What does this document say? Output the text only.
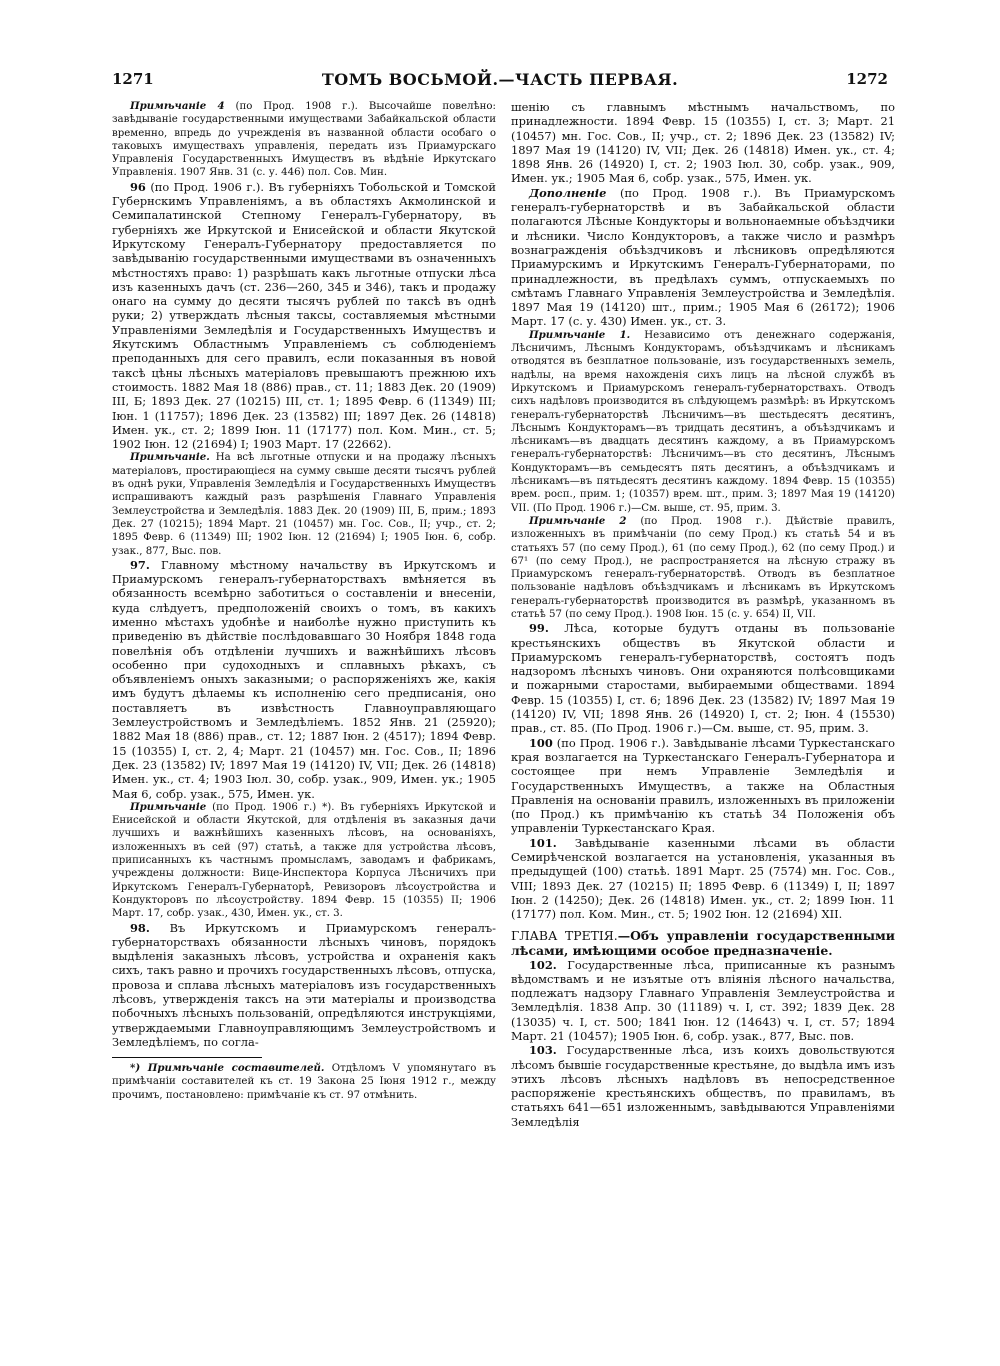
1271	ТОМЪ ВОСЬМОЙ.—ЧАСТЬ ПЕРВАЯ.	1272

Примѣчаніе 4 (по Прод. 1908 г.). Высочайше повелѣно: завѣдываніе государственными имуществами Забайкальской области временно, впредь до учрежденія въ названной области особаго о таковыхъ имуществахъ управленія, передать изъ Приамурскаго Управленія Государственныхъ Имуществъ въ вѣдѣніе Иркутскаго Управленія. 1907 Янв. 31 (с. у. 446) пол. Сов. Мин.

96 (по Прод. 1906 г.). Въ губерніяхъ Тобольской и Томской Губернскимъ Управленіямъ, а въ областяхъ Акмолинской и Семипалатинской Степному Генералъ-Губернатору, въ губерніяхъ же Иркутской и Енисейской и области Якутской Иркутскому Генералъ-Губернатору предоставляется по завѣдыванію государственными имуществами въ означенныхъ мѣстностяхъ право: 1) разрѣшать какъ льготные отпуски лѣса изъ казенныхъ дачъ (ст. 236—260, 345 и 346), такъ и продажу онаго на сумму до десяти тысячъ рублей по таксѣ въ однѣ руки; 2) утверждать лѣсныя таксы, составляемыя мѣстными Управленіями Земледѣлія и Государственныхъ Имуществъ и Якутскимъ Областнымъ Управленіемъ съ соблюденіемъ преподанныхъ для сего правилъ, если показанныя въ новой таксѣ цѣны лѣсныхъ матеріаловъ превышаютъ прежнюю ихъ стоимость. 1882 Мая 18 (886) прав., ст. 11; 1883 Дек. 20 (1909) III, Б; 1893 Дек. 27 (10215) III, ст. 1; 1895 Февр. 6 (11349) III; Іюн. 1 (11757); 1896 Дек. 23 (13582) III; 1897 Дек. 26 (14818) Имен. ук., ст. 2; 1899 Іюн. 11 (17177) пол. Ком. Мин., ст. 5; 1902 Іюн. 12 (21694) I; 1903 Март. 17 (22662).

Примѣчаніе. На всѣ льготные отпуски и на продажу лѣсныхъ матеріаловъ, простирающіеся на сумму свыше десяти тысячъ рублей въ однѣ руки, Управленія Земледѣлія и Государственныхъ Имуществъ испрашиваютъ каждый разъ разрѣшенія Главнаго Управленія Землеустройства и Земледѣлія. 1883 Дек. 20 (1909) III, Б, прим.; 1893 Дек. 27 (10215); 1894 Март. 21 (10457) мн. Гос. Сов., II; учр., ст. 2; 1895 Февр. 6 (11349) III; 1902 Іюн. 12 (21694) I; 1905 Іюн. 6, собр. узак., 877, Выс. пов.

97. Главному мѣстному начальству въ Иркутскомъ и Приамурскомъ генералъ-губернаторствахъ вмѣняется въ обязанность всемѣрно заботиться о составленіи и внесеніи, куда слѣдуетъ, предположеній своихъ о томъ, въ какихъ именно мѣстахъ удобнѣе и наиболѣе нужно приступить къ приведенію въ дѣйствіе послѣдовавшаго 30 Ноября 1848 года повелѣнія объ отдѣленіи лучшихъ и важнѣйшихъ лѣсовъ особенно при судоходныхъ и сплавныхъ рѣкахъ, съ объявленіемъ оныхъ заказными; о распоряженіяхъ же, какія имъ будутъ дѣлаемы къ исполненію сего предписанія, оно поставляетъ въ извѣстность Главноуправляющаго Землеустройствомъ и Земледѣліемъ. 1852 Янв. 21 (25920); 1882 Мая 18 (886) прав., ст. 12; 1887 Іюн. 2 (4517); 1894 Февр. 15 (10355) I, ст. 2, 4; Март. 21 (10457) мн. Гос. Сов., II; 1896 Дек. 23 (13582) IV; 1897 Мая 19 (14120) IV, VII; Дек. 26 (14818) Имен. ук., ст. 4; 1903 Іюл. 30, собр. узак., 909, Имен. ук.; 1905 Мая 6, собр. узак., 575, Имен. ук.

Примѣчаніе (по Прод. 1906 г.) *). Въ губерніяхъ Иркутской и Енисейской и области Якутской, для отдѣленія въ заказныя дачи лучшихъ и важнѣйшихъ казенныхъ лѣсовъ, на основаніяхъ, изложенныхъ въ сей (97) статьѣ, а также для устройства лѣсовъ, приписанныхъ къ частнымъ промысламъ, заводамъ и фабрикамъ, учреждены должности: Вице-Инспектора Корпуса Лѣсничихъ при Иркутскомъ Генералъ-Губернаторѣ, Ревизоровъ лѣсоустройства и Кондукторовъ по лѣсоустройству. 1894 Февр. 15 (10355) II; 1906 Март. 17, собр. узак., 430, Имен. ук., ст. 3.

98. Въ Иркутскомъ и Приамурскомъ генералъ-губернаторствахъ обязанности лѣсныхъ чиновъ, порядокъ выдѣленія заказныхъ лѣсовъ, устройства и охраненія какъ сихъ, такъ равно и прочихъ государственныхъ лѣсовъ, отпуска, провоза и сплава лѣсныхъ матеріаловъ изъ государственныхъ лѣсовъ, утвержденія таксъ на эти матеріалы и производства побочныхъ лѣсныхъ пользованій, опредѣляются инструкціями, утверждаемыми Главноуправляющимъ Землеустройствомъ и Земледѣліемъ, по согла-

*) Примѣчаніе составителей. Отдѣломъ V упомянутаго въ примѣчаніи составителей къ ст. 19 Закона 25 Іюня 1912 г., между прочимъ, постановлено: примѣчаніе къ ст. 97 отмѣнить.

шенію съ главнымъ мѣстнымъ начальствомъ, по принадлежности. 1894 Февр. 15 (10355) I, ст. 3; Март. 21 (10457) мн. Гос. Сов., II; учр., ст. 2; 1896 Дек. 23 (13582) IV; 1897 Мая 19 (14120) IV, VII; Дек. 26 (14818) Имен. ук., ст. 4; 1898 Янв. 26 (14920) I, ст. 2; 1903 Іюл. 30, собр. узак., 909, Имен. ук.; 1905 Мая 6, собр. узак., 575, Имен. ук.

Дополненіе (по Прод. 1908 г.). Въ Приамурскомъ генералъ-губернаторствѣ и въ Забайкальской области полагаются Лѣсные Кондукторы и вольнонаемные объѣздчики и лѣсники. Число Кондукторовъ, а также число и размѣръ вознагражденія объѣздчиковъ и лѣсниковъ опредѣляются Приамурскимъ и Иркутскимъ Генералъ-Губернаторами, по принадлежности, въ предѣлахъ суммъ, отпускаемыхъ по смѣтамъ Главнаго Управленія Землеустройства и Земледѣлія. 1897 Мая 19 (14120) шт., прим.; 1905 Мая 6 (26172); 1906 Март. 17 (с. у. 430) Имен. ук., ст. 3.

Примѣчаніе 1. Независимо отъ денежнаго содержанія, Лѣсничимъ, Лѣснымъ Кондукторамъ, объѣздчикамъ и лѣсникамъ отводятся въ безплатное пользованіе, изъ государственныхъ земель, надѣлы, на время нахожденія сихъ лицъ на лѣсной службѣ въ Иркутскомъ и Приамурскомъ генералъ-губернаторствахъ. Отводъ сихъ надѣловъ производится въ слѣдующемъ размѣрѣ: въ Иркутскомъ генералъ-губернаторствѣ Лѣсничимъ—въ шестьдесятъ десятинъ, Лѣснымъ Кондукторамъ—въ тридцать десятинъ, а объѣздчикамъ и лѣсникамъ—въ двадцать десятинъ каждому, а въ Приамурскомъ генералъ-губернаторствѣ: Лѣсничимъ—въ сто десятинъ, Лѣснымъ Кондукторамъ—въ семьдесятъ пять десятинъ, а объѣздчикамъ и лѣсникамъ—въ пятьдесятъ десятинъ каждому. 1894 Февр. 15 (10355) врем. росп., прим. 1; (10357) врем. шт., прим. 3; 1897 Мая 19 (14120) VII. (По Прод. 1906 г.)—См. выше, ст. 95, прим. 3.

Примѣчаніе 2 (по Прод. 1908 г.). Дѣйствіе правилъ, изложенныхъ въ примѣчаніи (по сему Прод.) къ статьѣ 54 и въ статьяхъ 57 (по сему Прод.), 61 (по сему Прод.), 62 (по сему Прод.) и 67¹ (по сему Прод.), не распространяется на лѣсную стражу въ Приамурскомъ генералъ-губернаторствѣ. Отводъ въ безплатное пользованіе надѣловъ объѣздчикамъ и лѣсникамъ въ Иркутскомъ генералъ-губернаторствѣ производится въ размѣрѣ, указанномъ въ статьѣ 57 (по сему Прод.). 1908 Іюн. 15 (с. у. 654) II, VII.

99. Лѣса, которые будутъ отданы въ пользованіе крестьянскихъ обществъ въ Якутской области и Приамурскомъ генералъ-губернаторствѣ, состоятъ подъ надзоромъ лѣсныхъ чиновъ. Они охраняются полѣсовщиками и пожарными старостами, выбираемыми обществами. 1894 Февр. 15 (10355) I, ст. 6; 1896 Дек. 23 (13582) IV; 1897 Мая 19 (14120) IV, VII; 1898 Янв. 26 (14920) I, ст. 2; Іюн. 4 (15530) прав., ст. 85. (По Прод. 1906 г.)—См. выше, ст. 95, прим. 3.

100 (по Прод. 1906 г.). Завѣдываніе лѣсами Туркестанскаго края возлагается на Туркестанскаго Генералъ-Губернатора и состоящее при немъ Управленіе Земледѣлія и Государственныхъ Имуществъ, а также на Областныя Правленія на основаніи правилъ, изложенныхъ въ приложеніи (по Прод.) къ примѣчанію къ статьѣ 34 Положенія объ управленіи Туркестанскаго Края.

101. Завѣдываніе казенными лѣсами въ области Семирѣченской возлагается на установленія, указанныя въ предыдущей (100) статьѣ. 1891 Март. 25 (7574) мн. Гос. Сов., VIII; 1893 Дек. 27 (10215) II; 1895 Февр. 6 (11349) I, II; 1897 Іюн. 2 (14250); Дек. 26 (14818) Имен. ук., ст. 2; 1899 Іюн. 11 (17177) пол. Ком. Мин., ст. 5; 1902 Іюн. 12 (21694) XII.

ГЛАВА ТРЕТІЯ.—Объ управленіи государственными лѣсами, имѣющими особое предназначеніе.

102. Государственные лѣса, приписанные къ разнымъ вѣдомствамъ и не изъятые отъ вліянія лѣсного начальства, подлежатъ надзору Главнаго Управленія Землеустройства и Земледѣлія. 1838 Апр. 30 (11189) ч. I, ст. 392; 1839 Дек. 28 (13035) ч. I, ст. 500; 1841 Іюн. 12 (14643) ч. I, ст. 57; 1894 Март. 21 (10457); 1905 Іюн. 6, собр. узак., 877, Выс. пов.

103. Государственные лѣса, изъ коихъ довольствуются лѣсомъ бывшіе государственные крестьяне, до выдѣла имъ изъ этихъ лѣсовъ лѣсныхъ надѣловъ въ непосредственное распоряженіе крестьянскихъ обществъ, по правиламъ, въ статьяхъ 641—651 изложеннымъ, завѣдываются Управленіями Земледѣлія
